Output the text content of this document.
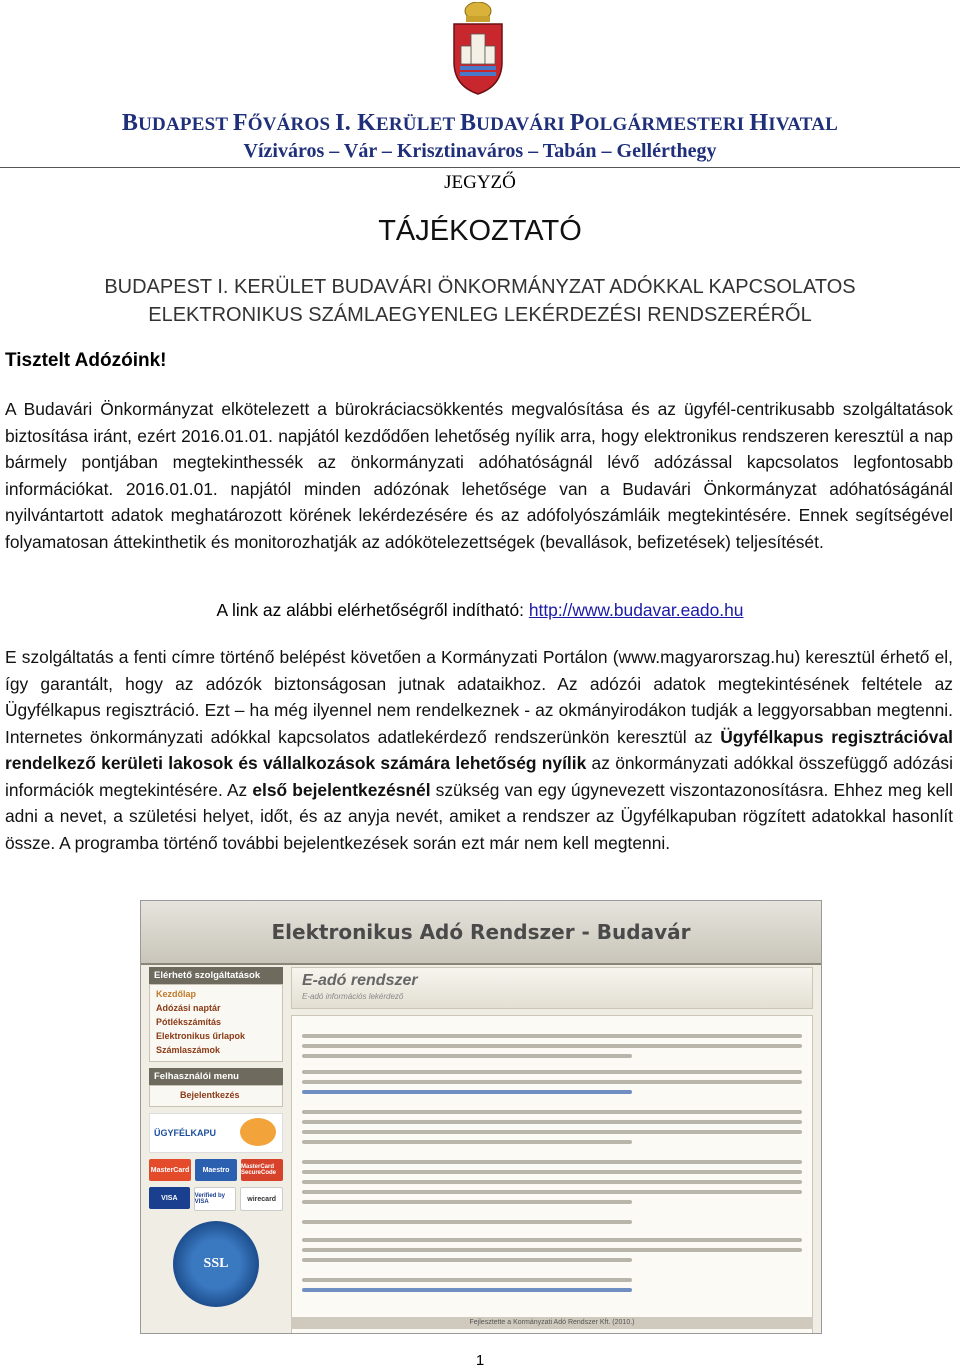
BUDAPEST FŐVÁROS I. KERÜLET BUDAVÁRI POLGÁRMESTERI HIVATAL
Víziváros – Vár – Krisztinaváros – Tabán – Gellérthegy
JEGYZŐ
TÁJÉKOZTATÓ
BUDAPEST I. KERÜLET BUDAVÁRI ÖNKORMÁNYZAT ADÓKKAL KAPCSOLATOS
ELEKTRONIKUS SZÁMLAEGYENLEG LEKÉRDEZÉSI RENDSZERÉRŐL
Tisztelt Adózóink!
A Budavári Önkormányzat elkötelezett a bürokráciacsökkentés megvalósítása és az ügyfél-centrikusabb szolgáltatások biztosítása iránt, ezért 2016.01.01. napjától kezdődően lehetőség nyílik arra, hogy elektronikus rendszeren keresztül a nap bármely pontjában megtekinthessék az önkormányzati adóhatóságnál lévő adózással kapcsolatos legfontosabb információkat. 2016.01.01. napjától minden adózónak lehetősége van a Budavári Önkormányzat adóhatóságánál nyilvántartott adatok meghatározott körének lekérdezésére és az adófolyószámláik megtekintésére. Ennek segítségével folyamatosan áttekinthetik és monitorozhatják az adókötelezettségek (bevallások, befizetések) teljesítését.
A link az alábbi elérhetőségről indítható: http://www.budavar.eado.hu
E szolgáltatás a fenti címre történő belépést követően a Kormányzati Portálon (www.magyarorszag.hu) keresztül érhető el, így garantált, hogy az adózók biztonságosan jutnak adataikhoz. Az adózói adatok megtekintésének feltétele az Ügyfélkapus regisztráció. Ezt – ha még ilyennel nem rendelkeznek - az okmányirodákon tudják a leggyorsabban megtenni. Internetes önkormányzati adókkal kapcsolatos adatlekérdező rendszerünkön keresztül az Ügyfélkapus regisztrációval rendelkező kerületi lakosok és vállalkozások számára lehetőség nyílik az önkormányzati adókkal összefüggő adózási információk megtekintésére. Az első bejelentkezésnél szükség van egy úgynevezett viszontazonosításra. Ehhez meg kell adni a nevet, a születési helyet, időt, és az anyja nevét, amiket a rendszer az Ügyfélkapuban rögzített adatokkal hasonlít össze. A programba történő további bejelentkezések során ezt már nem kell megtenni.
Elektronikus Adó Rendszer - Budavár
Elérhető szolgáltatások
Kezdőlap
Adózási naptár
Pótlékszámítás
Elektronikus űrlapok
Számlaszámok
Felhasználói menu
Bejelentkezés
ÜGYFÉLKAPU
MasterCard	Maestro	MasterCard SecureCode
VISA	Verified by VISA	wirecard
SSL
E-adó rendszer
E-adó információs lekérdező
Fejlesztette a Kormányzati Adó Rendszer Kft. (2010.)
1
